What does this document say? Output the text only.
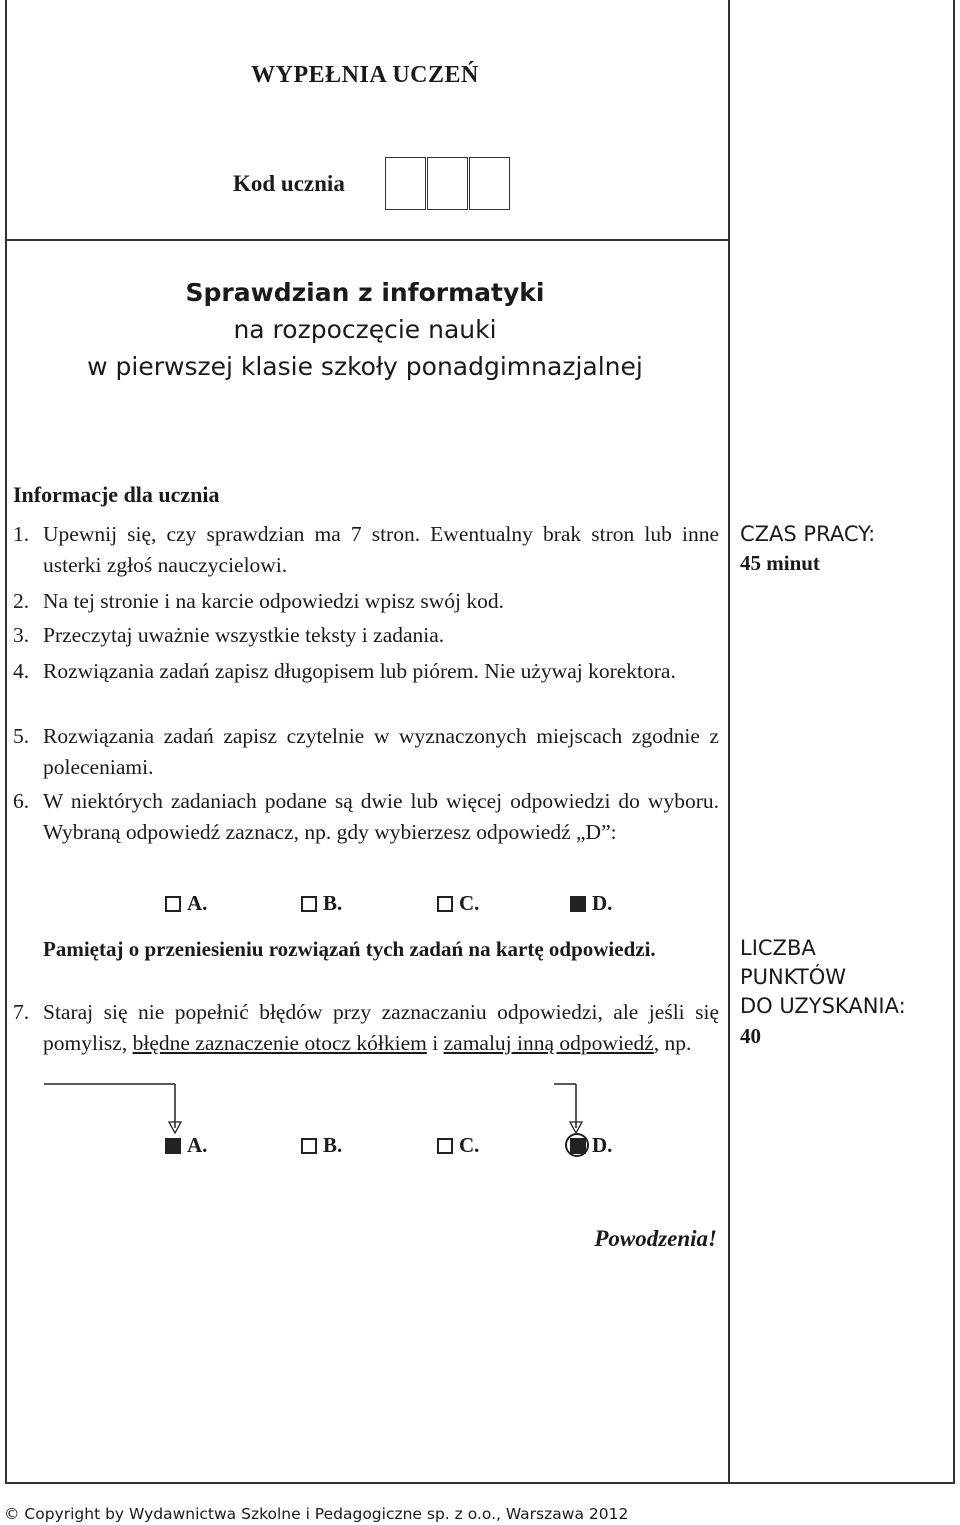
WYPEŁNIA UCZEŃ
Kod ucznia
Sprawdzian z informatyki
na rozpoczęcie nauki
w pierwszej klasie szkoły ponadgimnazjalnej
Informacje dla ucznia
1. Upewnij się, czy sprawdzian ma 7 stron. Ewentualny brak stron lub inne usterki zgłoś nauczycielowi.
2. Na tej stronie i na karcie odpowiedzi wpisz swój kod.
3. Przeczytaj uważnie wszystkie teksty i zadania.
4. Rozwiązania zadań zapisz długopisem lub piórem. Nie używaj korektora.
5. Rozwiązania zadań zapisz czytelnie w wyznaczonych miejscach zgodnie z poleceniami.
6. W niektórych zadaniach podane są dwie lub więcej odpowiedzi do wyboru. Wybraną odpowiedź zaznacz, np. gdy wybierzesz odpowiedź „D”:
A.	B.	C.	D.
Pamiętaj o przeniesieniu rozwiązań tych zadań na kartę odpowiedzi.
7. Staraj się nie popełnić błędów przy zaznaczaniu odpowiedzi, ale jeśli się pomylisz, błędne zaznaczenie otocz kółkiem i zamaluj inną odpowiedź, np.
A.	B.	C.	D.
Powodzenia!
CZAS PRACY:
45 minut
LICZBA
PUNKTÓW
DO UZYSKANIA:
40
© Copyright by Wydawnictwa Szkolne i Pedagogiczne sp. z o.o., Warszawa 2012
